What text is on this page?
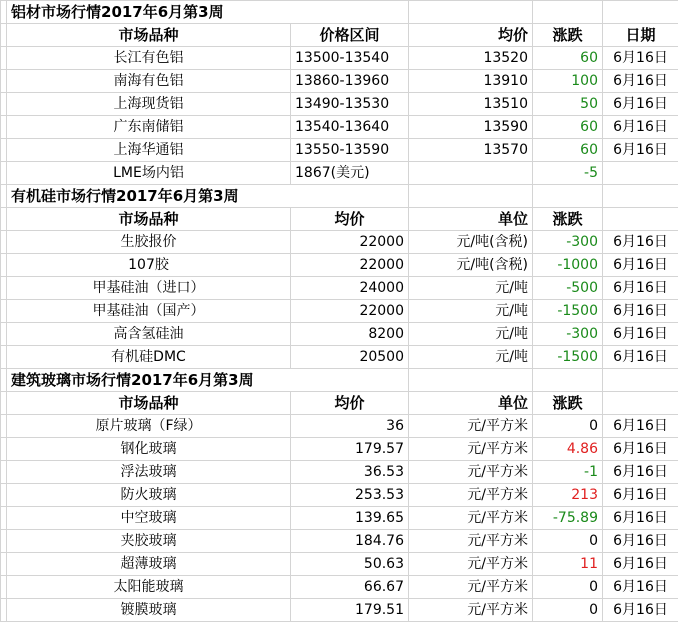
	铝材市场行情2017年6月第3周				
	市场品种	价格区间	均价	涨跌	日期
	长江有色铝	13500-13540	13520	60	6月16日
	南海有色铝	13860-13960	13910	100	6月16日
	上海现货铝	13490-13530	13510	50	6月16日
	广东南储铝	13540-13640	13590	60	6月16日
	上海华通铝	13550-13590	13570	60	6月16日
	LME场内铝	1867(美元)		-5	
	有机硅市场行情2017年6月第3周				
	市场品种	均价	单位	涨跌	
	生胶报价	22000	元/吨(含税)	-300	6月16日
	107胶	22000	元/吨(含税)	-1000	6月16日
	甲基硅油（进口）	24000	元/吨	-500	6月16日
	甲基硅油（国产）	22000	元/吨	-1500	6月16日
	高含氢硅油	8200	元/吨	-300	6月16日
	有机硅DMC	20500	元/吨	-1500	6月16日
	建筑玻璃市场行情2017年6月第3周				
	市场品种	均价	单位	涨跌	
	原片玻璃（F绿）	36	元/平方米	0	6月16日
	钢化玻璃	179.57	元/平方米	4.86	6月16日
	浮法玻璃	36.53	元/平方米	-1	6月16日
	防火玻璃	253.53	元/平方米	213	6月16日
	中空玻璃	139.65	元/平方米	-75.89	6月16日
	夹胶玻璃	184.76	元/平方米	0	6月16日
	超薄玻璃	50.63	元/平方米	11	6月16日
	太阳能玻璃	66.67	元/平方米	0	6月16日
	镀膜玻璃	179.51	元/平方米	0	6月16日
